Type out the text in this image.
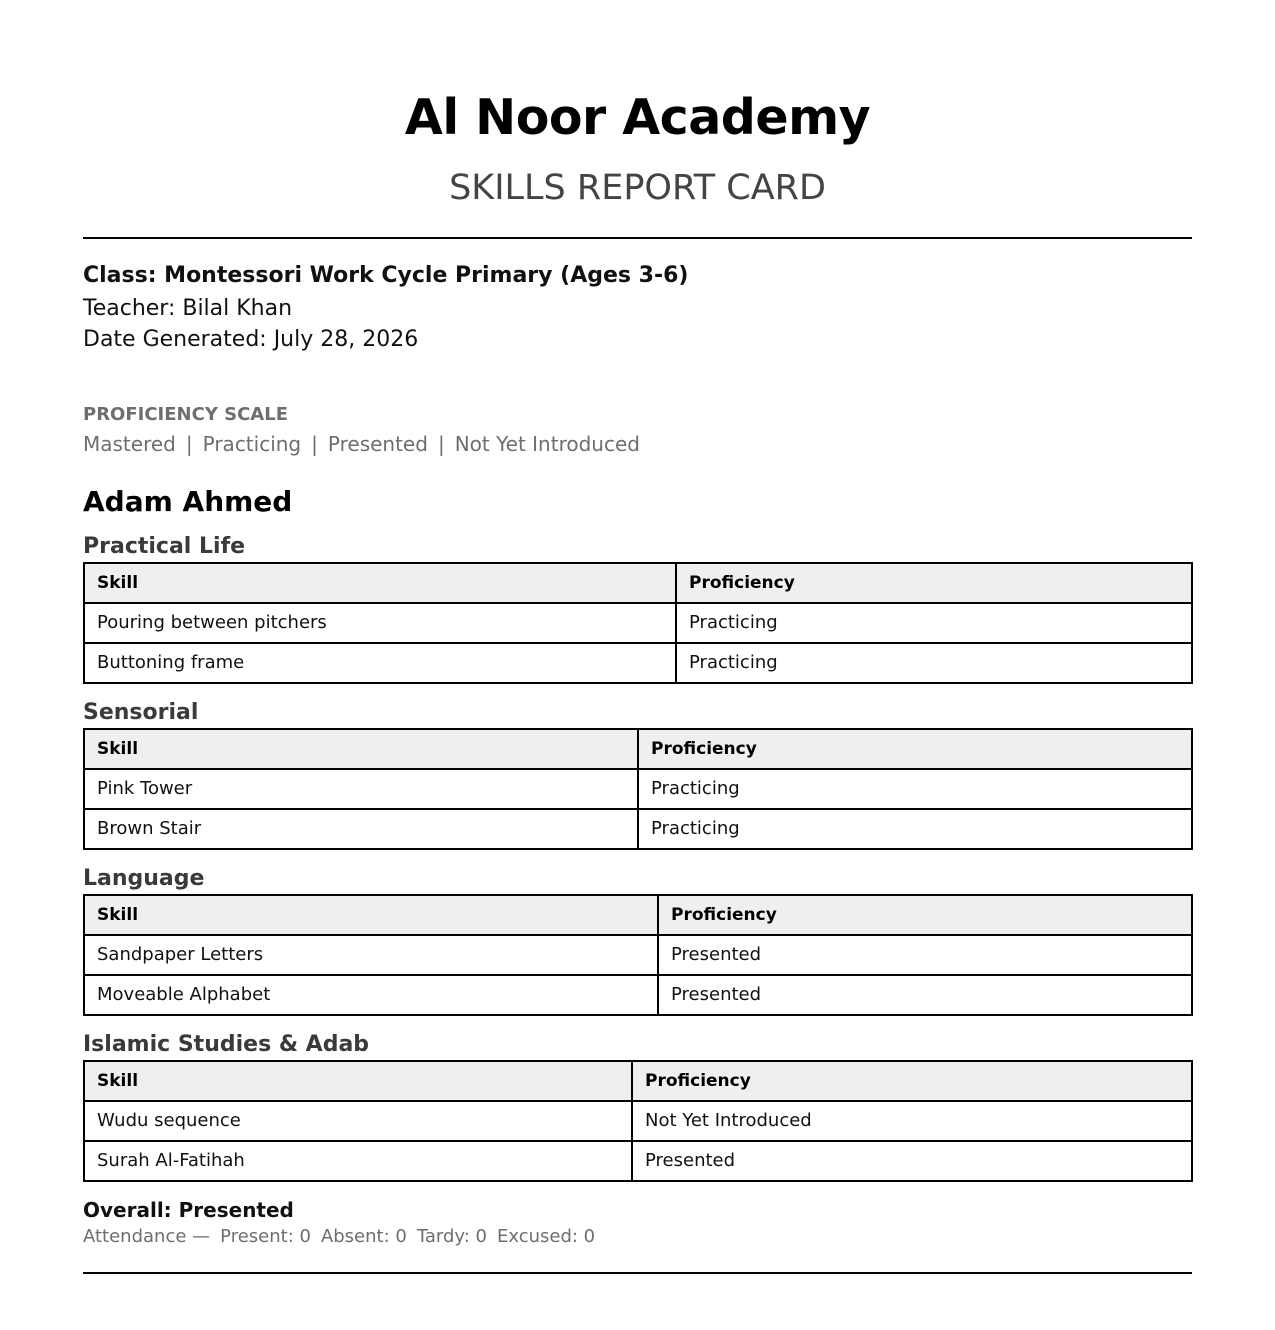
Al Noor Academy
SKILLS REPORT CARD
Class: Montessori Work Cycle Primary (Ages 3-6)
Teacher: Bilal Khan
Date Generated: July 28, 2026
PROFICIENCY SCALE
Mastered | Practicing | Presented | Not Yet Introduced
Adam Ahmed
Practical Life
Skill	Proficiency
Pouring between pitchers	Practicing
Buttoning frame	Practicing
Sensorial
Skill	Proficiency
Pink Tower	Practicing
Brown Stair	Practicing
Language
Skill	Proficiency
Sandpaper Letters	Presented
Moveable Alphabet	Presented
Islamic Studies & Adab
Skill	Proficiency
Wudu sequence	Not Yet Introduced
Surah Al-Fatihah	Presented
Overall: Presented
Attendance — Present: 0 Absent: 0 Tardy: 0 Excused: 0
